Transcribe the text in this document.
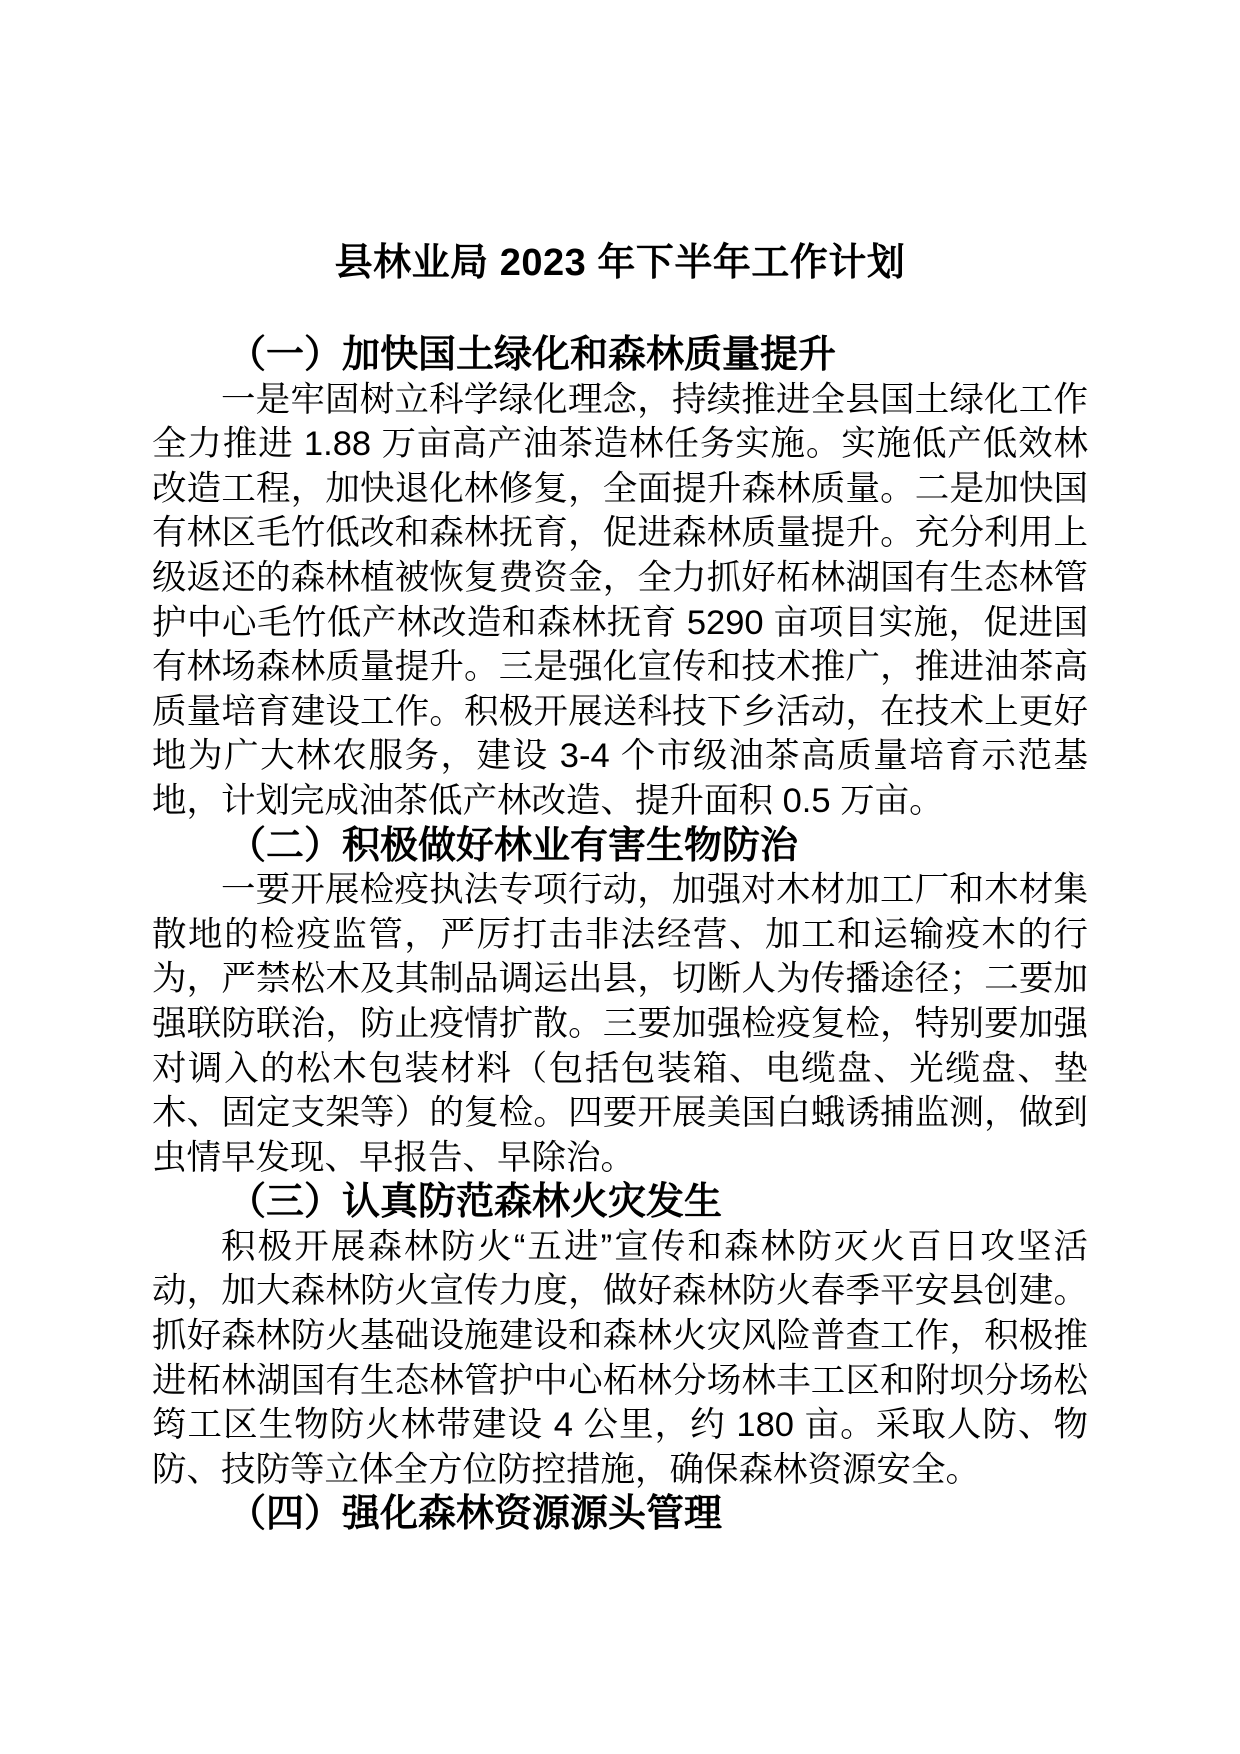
县林业局 2023 年下半年工作计划
（一）加快国土绿化和森林质量提升

一是牢固树立科学绿化理念，持续推进全县国土绿化工作全力推进 1.88 万亩高产油茶造林任务实施。实施低产低效林改造工程，加快退化林修复，全面提升森林质量。二是加快国有林区毛竹低改和森林抚育，促进森林质量提升。充分利用上级返还的森林植被恢复费资金，全力抓好柘林湖国有生态林管护中心毛竹低产林改造和森林抚育 5290 亩项目实施，促进国有林场森林质量提升。三是强化宣传和技术推广，推进油茶高质量培育建设工作。积极开展送科技下乡活动，在技术上更好地为广大林农服务，建设 3-4 个市级油茶高质量培育示范基地，计划完成油茶低产林改造、提升面积 0.5 万亩。

（二）积极做好林业有害生物防治

一要开展检疫执法专项行动，加强对木材加工厂和木材集散地的检疫监管，严厉打击非法经营、加工和运输疫木的行为，严禁松木及其制品调运出县，切断人为传播途径；二要加强联防联治，防止疫情扩散。三要加强检疫复检，特别要加强对调入的松木包装材料（包括包装箱、电缆盘、光缆盘、垫木、固定支架等）的复检。四要开展美国白蛾诱捕监测，做到虫情早发现、早报告、早除治。

（三）认真防范森林火灾发生

积极开展森林防火“五进”宣传和森林防灭火百日攻坚活动，加大森林防火宣传力度，做好森林防火春季平安县创建。抓好森林防火基础设施建设和森林火灾风险普查工作，积极推进柘林湖国有生态林管护中心柘林分场林丰工区和附坝分场松筠工区生物防火林带建设 4 公里，约 180 亩。采取人防、物防、技防等立体全方位防控措施，确保森林资源安全。

（四）强化森林资源源头管理
